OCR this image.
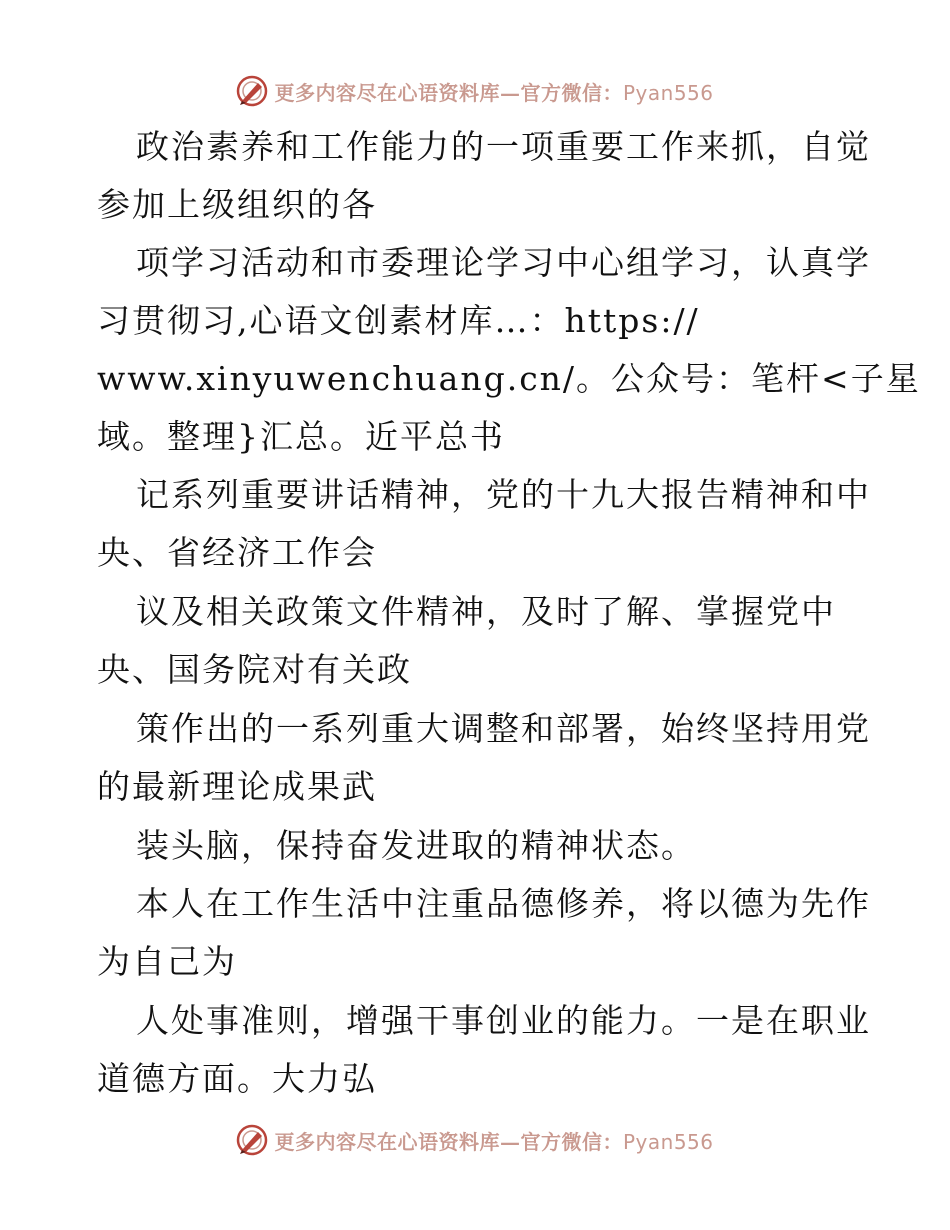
更多内容尽在心语资料库—官方微信：Pyan556
政治素养和工作能力的一项重要工作来抓，自觉
参加上级组织的各
项学习活动和市委理论学习中心组学习，认真学
习贯彻习,心语文创素材库…：https://
www.xinyuwenchuang.cn/。公众号：笔杆<子星
域。整理}汇总。近平总书
记系列重要讲话精神，党的十九大报告精神和中
央、省经济工作会
议及相关政策文件精神，及时了解、掌握党中
央、国务院对有关政
策作出的一系列重大调整和部署，始终坚持用党
的最新理论成果武
装头脑，保持奋发进取的精神状态。
本人在工作生活中注重品德修养，将以德为先作
为自己为
人处事准则，增强干事创业的能力。一是在职业
道德方面。大力弘
更多内容尽在心语资料库—官方微信：Pyan556
